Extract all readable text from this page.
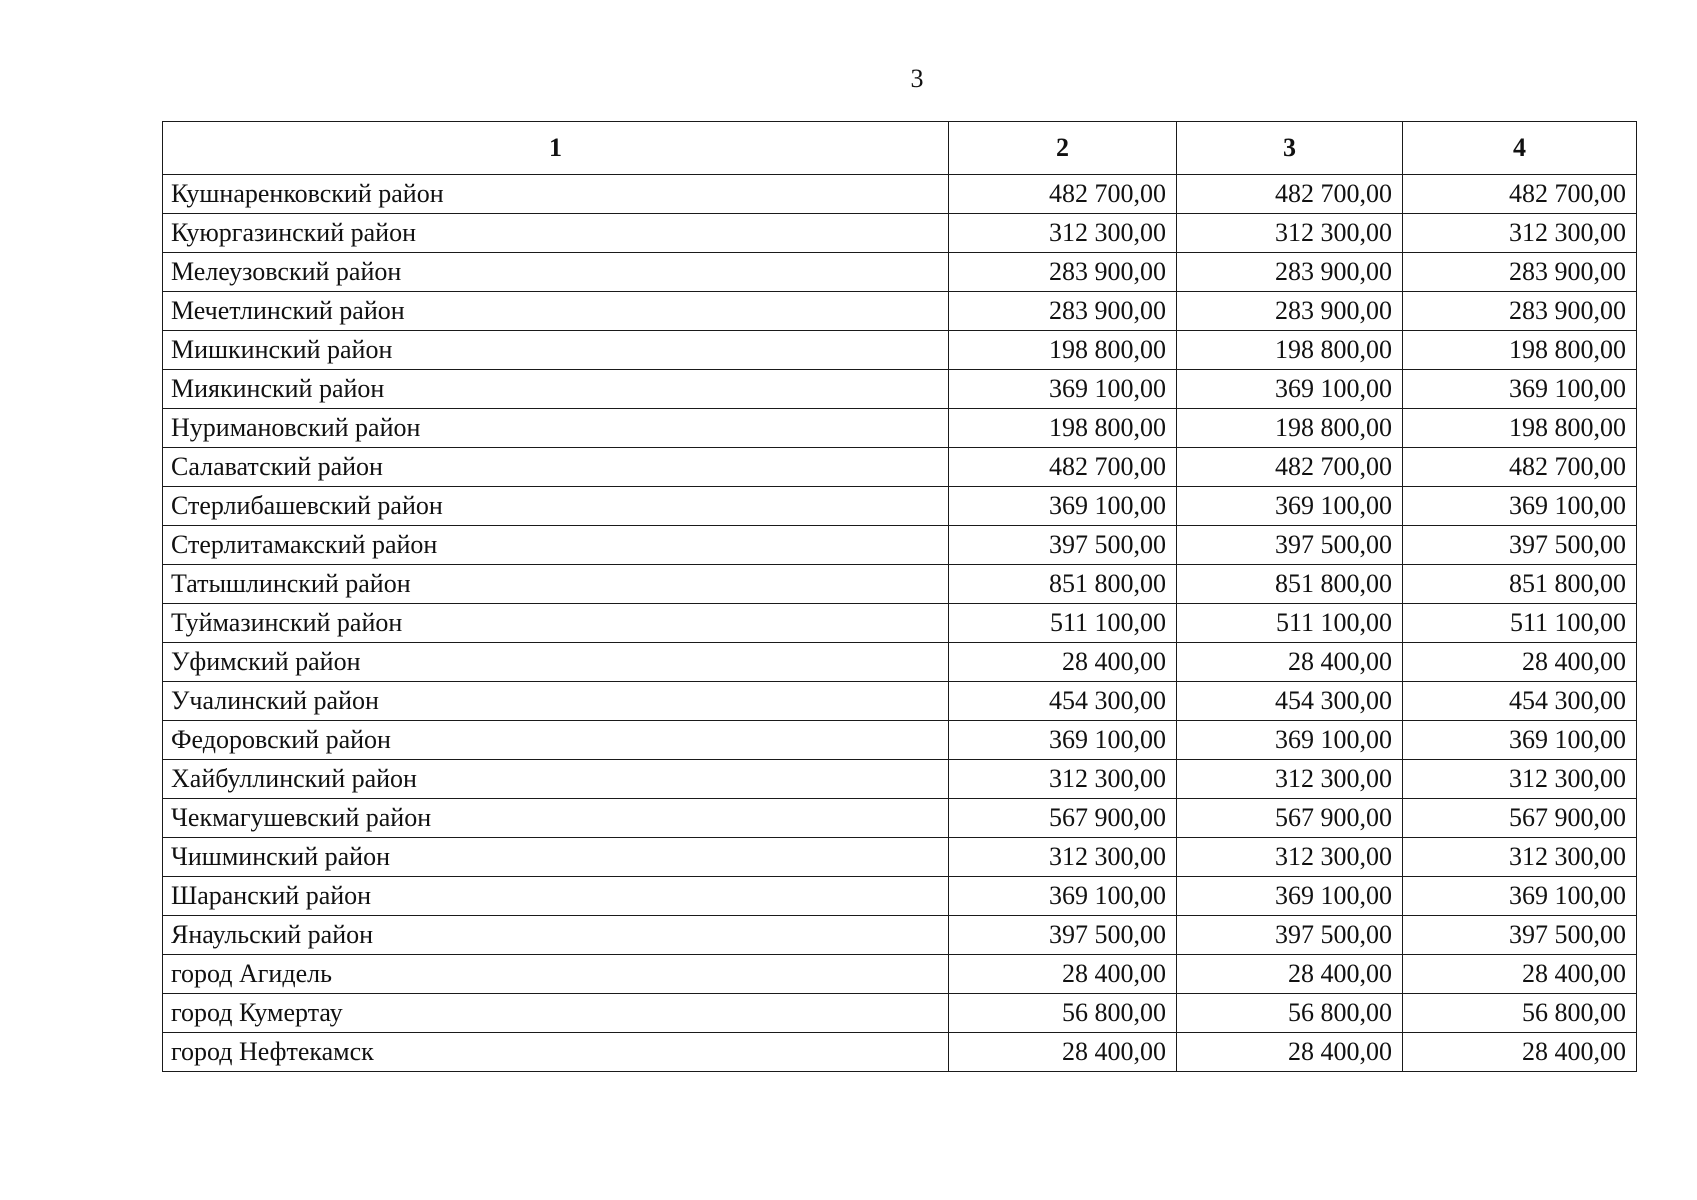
3
1	2	3	4
Кушнаренковский район	482 700,00	482 700,00	482 700,00
Куюргазинский район	312 300,00	312 300,00	312 300,00
Мелеузовский район	283 900,00	283 900,00	283 900,00
Мечетлинский район	283 900,00	283 900,00	283 900,00
Мишкинский район	198 800,00	198 800,00	198 800,00
Миякинский район	369 100,00	369 100,00	369 100,00
Нуримановский район	198 800,00	198 800,00	198 800,00
Салаватский район	482 700,00	482 700,00	482 700,00
Стерлибашевский район	369 100,00	369 100,00	369 100,00
Стерлитамакский район	397 500,00	397 500,00	397 500,00
Татышлинский район	851 800,00	851 800,00	851 800,00
Туймазинский район	511 100,00	511 100,00	511 100,00
Уфимский район	28 400,00	28 400,00	28 400,00
Учалинский район	454 300,00	454 300,00	454 300,00
Федоровский район	369 100,00	369 100,00	369 100,00
Хайбуллинский район	312 300,00	312 300,00	312 300,00
Чекмагушевский район	567 900,00	567 900,00	567 900,00
Чишминский район	312 300,00	312 300,00	312 300,00
Шаранский район	369 100,00	369 100,00	369 100,00
Янаульский район	397 500,00	397 500,00	397 500,00
город Агидель	28 400,00	28 400,00	28 400,00
город Кумертау	56 800,00	56 800,00	56 800,00
город Нефтекамск	28 400,00	28 400,00	28 400,00
